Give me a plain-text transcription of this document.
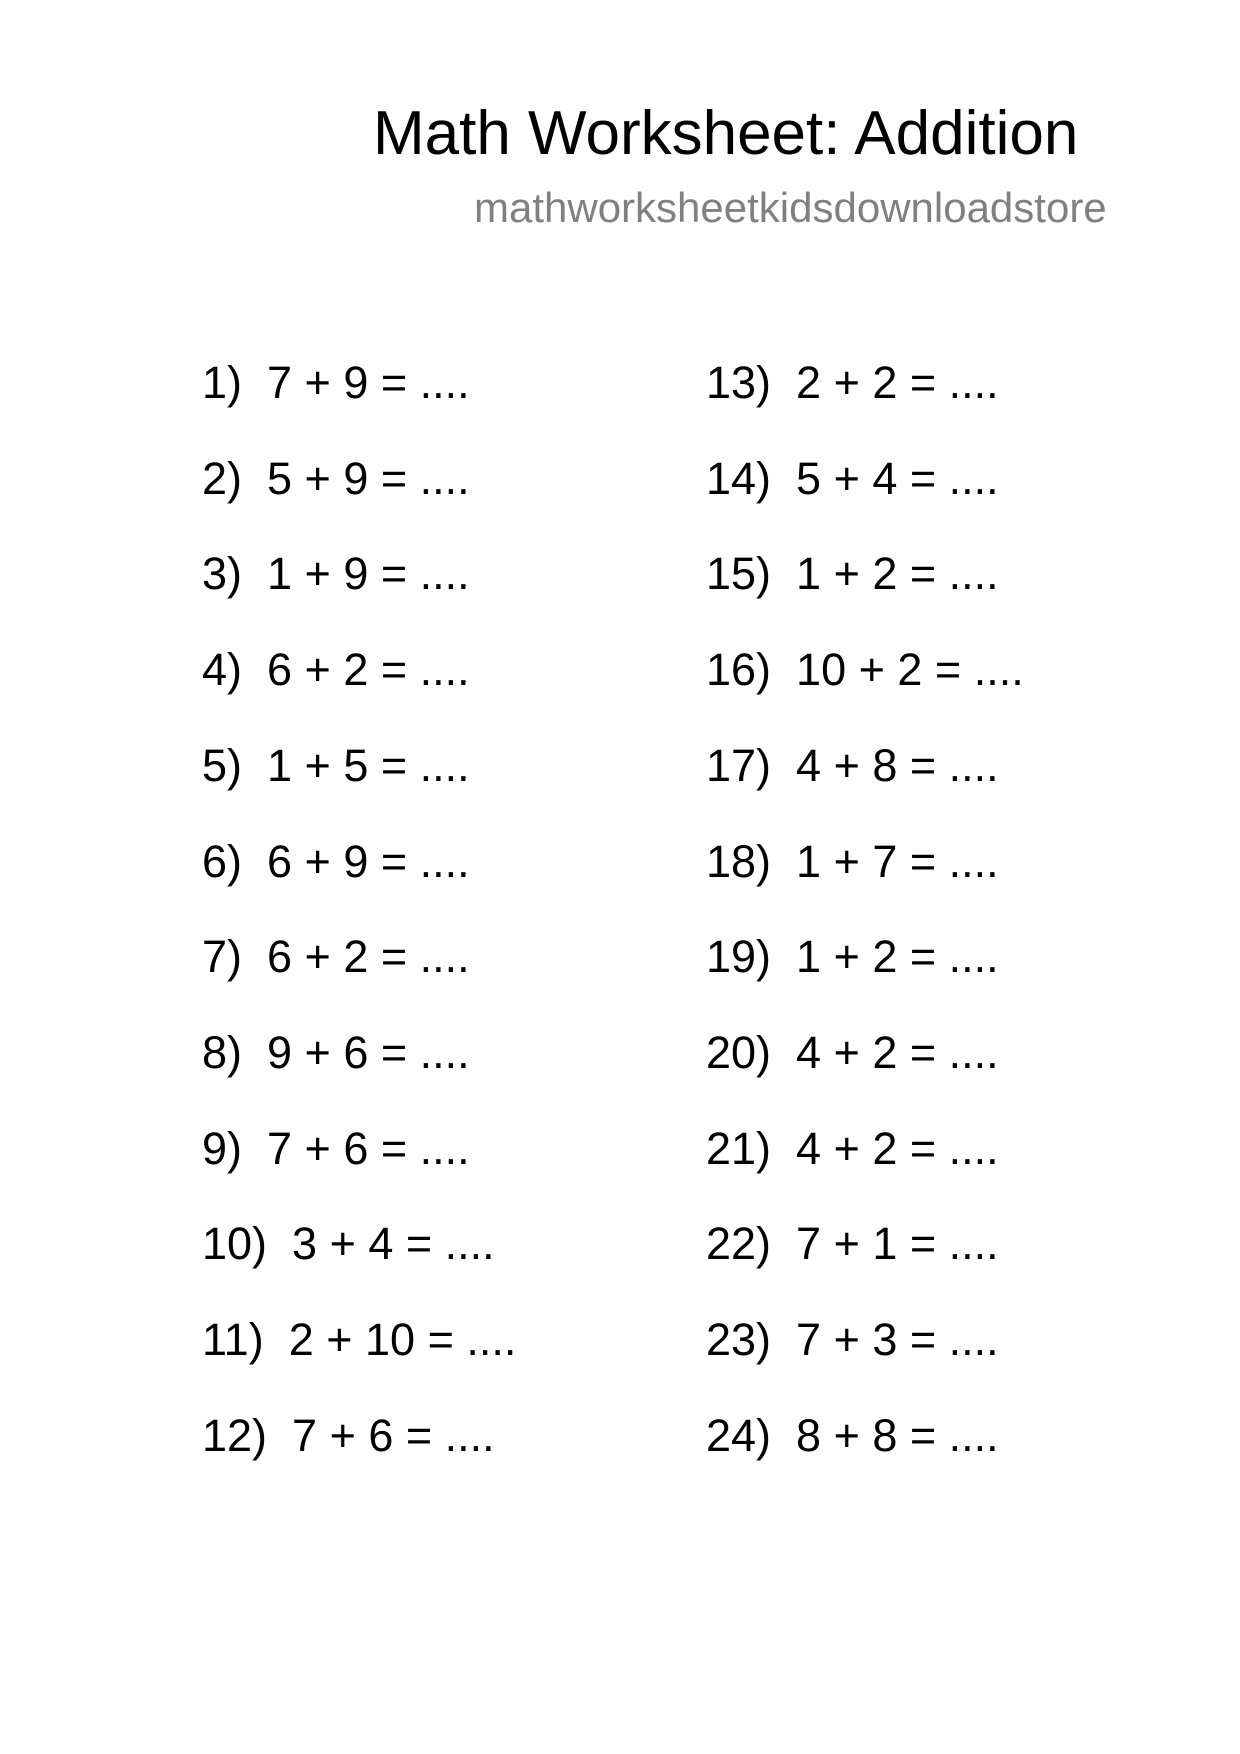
Math Worksheet: Addition
mathworksheetkidsdownloadstore
1)  7 + 9 = ....
2)  5 + 9 = ....
3)  1 + 9 = ....
4)  6 + 2 = ....
5)  1 + 5 = ....
6)  6 + 9 = ....
7)  6 + 2 = ....
8)  9 + 6 = ....
9)  7 + 6 = ....
10)  3 + 4 = ....
11)  2 + 10 = ....
12)  7 + 6 = ....
13)  2 + 2 = ....
14)  5 + 4 = ....
15)  1 + 2 = ....
16)  10 + 2 = ....
17)  4 + 8 = ....
18)  1 + 7 = ....
19)  1 + 2 = ....
20)  4 + 2 = ....
21)  4 + 2 = ....
22)  7 + 1 = ....
23)  7 + 3 = ....
24)  8 + 8 = ....
